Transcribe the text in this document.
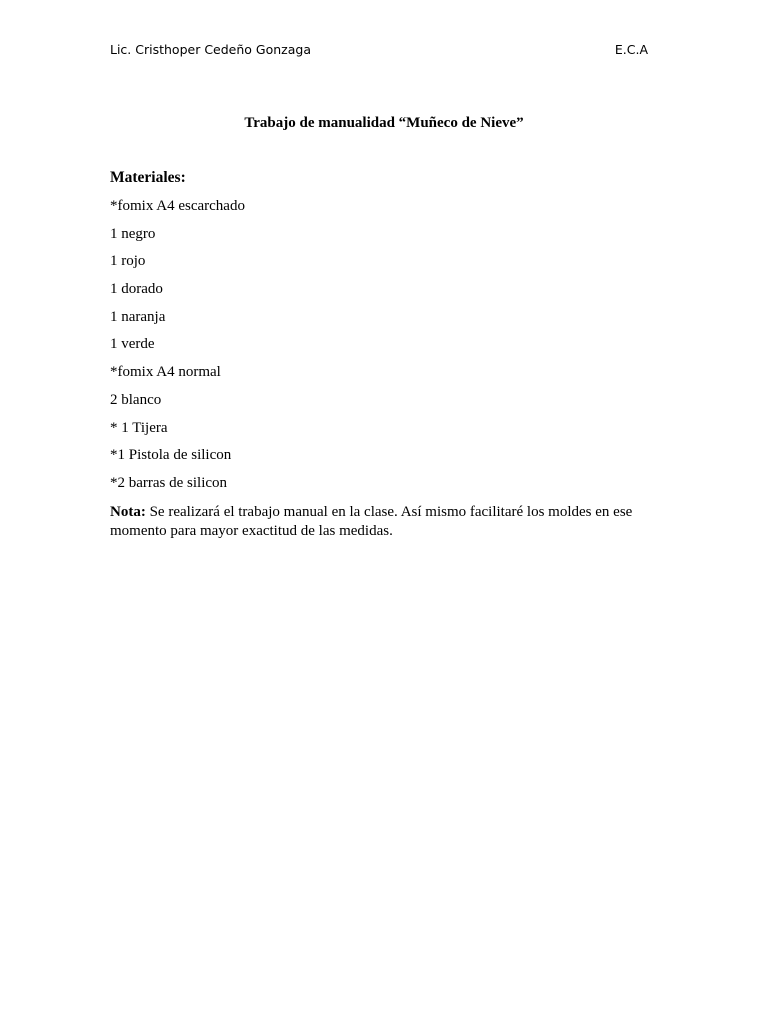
Lic. Cristhoper Cedeño Gonzaga	E.C.A
Trabajo de manualidad “Muñeco de Nieve”
Materiales:
*fomix A4 escarchado
1 negro
1 rojo
1 dorado
1 naranja
1 verde
*fomix A4 normal
2 blanco
* 1 Tijera
*1 Pistola de silicon
*2 barras de silicon

Nota: Se realizará el trabajo manual en la clase. Así mismo facilitaré los moldes en ese momento para mayor exactitud de las medidas.
